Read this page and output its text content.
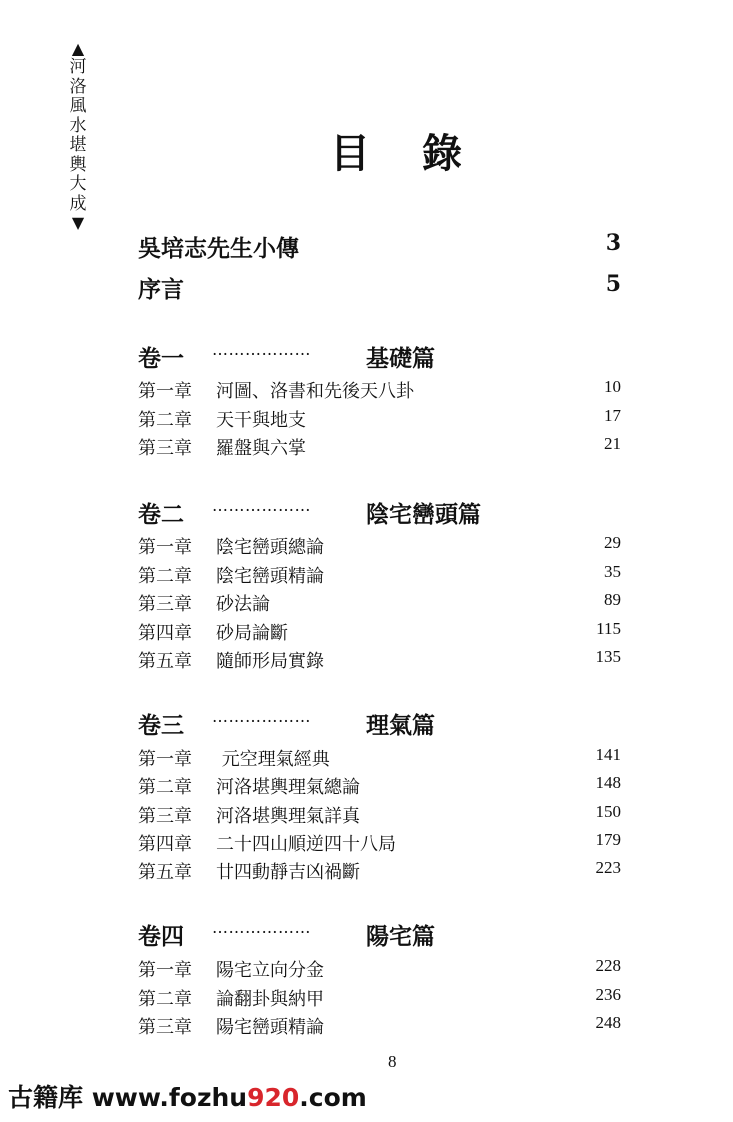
▲
河
洛
風
水
堪
輿
大
成
▼
目 錄
吳培志先生小傳	3
序言	5
卷一 ……………… 基礎篇
第一章 河圖、洛書和先後天八卦	10
第二章 天干與地支	17
第三章 羅盤與六掌	21
卷二 ……………… 陰宅巒頭篇
第一章 陰宅巒頭總論	29
第二章 陰宅巒頭精論	35
第三章 砂法論	89
第四章 砂局論斷	115
第五章 隨師形局實錄	135
卷三 ……………… 理氣篇
第一章 元空理氣經典	141
第二章 河洛堪輿理氣總論	148
第三章 河洛堪輿理氣詳真	150
第四章 二十四山順逆四十八局	179
第五章 廿四動靜吉凶禍斷	223
卷四 ……………… 陽宅篇
第一章 陽宅立向分金	228
第二章 論翻卦與納甲	236
第三章 陽宅巒頭精論	248
8
古籍库 www.fozhu920.com
